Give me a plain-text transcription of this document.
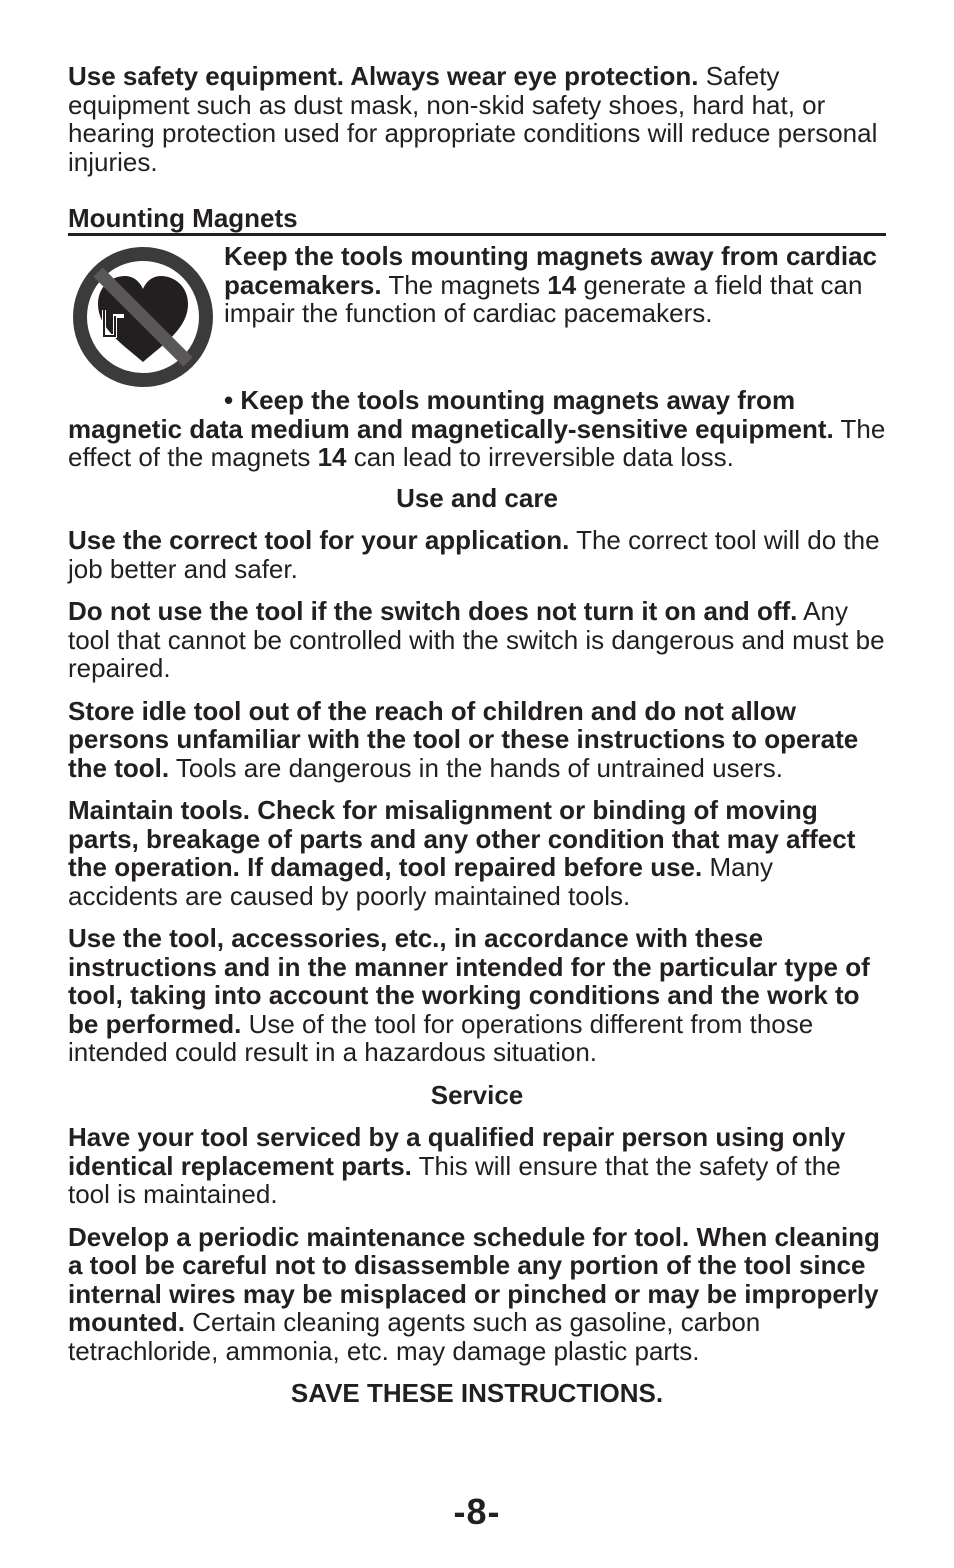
Use safety equipment. Always wear eye protection. Safety equipment such as dust mask, non-skid safety shoes, hard hat, or hearing protection used for appropriate conditions will reduce personal injuries.

Mounting Magnets

Keep the tools mounting magnets away from cardiac pacemakers. The magnets 14 generate a field that can impair the function of cardiac pacemakers.

• Keep the tools mounting magnets away from magnetic data medium and magnetically-sensitive equipment. The effect of the magnets 14 can lead to irreversible data loss.

Use and care

Use the correct tool for your application. The correct tool will do the job better and safer.

Do not use the tool if the switch does not turn it on and off. Any tool that cannot be controlled with the switch is dangerous and must be repaired.

Store idle tool out of the reach of children and do not allow persons unfamiliar with the tool or these instructions to operate the tool. Tools are dangerous in the hands of untrained users.

Maintain tools. Check for misalignment or binding of moving parts, breakage of parts and any other condition that may affect the operation. If damaged, tool repaired before use. Many accidents are caused by poorly maintained tools.

Use the tool, accessories, etc., in accordance with these instructions and in the manner intended for the particular type of tool, taking into account the working conditions and the work to be performed. Use of the tool for operations different from those intended could result in a hazardous situation.

Service

Have your tool serviced by a qualified repair person using only identical replacement parts. This will ensure that the safety of the tool is maintained.

Develop a periodic maintenance schedule for tool. When cleaning a tool be careful not to disassemble any portion of the tool since internal wires may be misplaced or pinched or may be improperly mounted. Certain cleaning agents such as gasoline, carbon tetrachloride, ammonia, etc. may damage plastic parts.

SAVE THESE INSTRUCTIONS.
-8-
